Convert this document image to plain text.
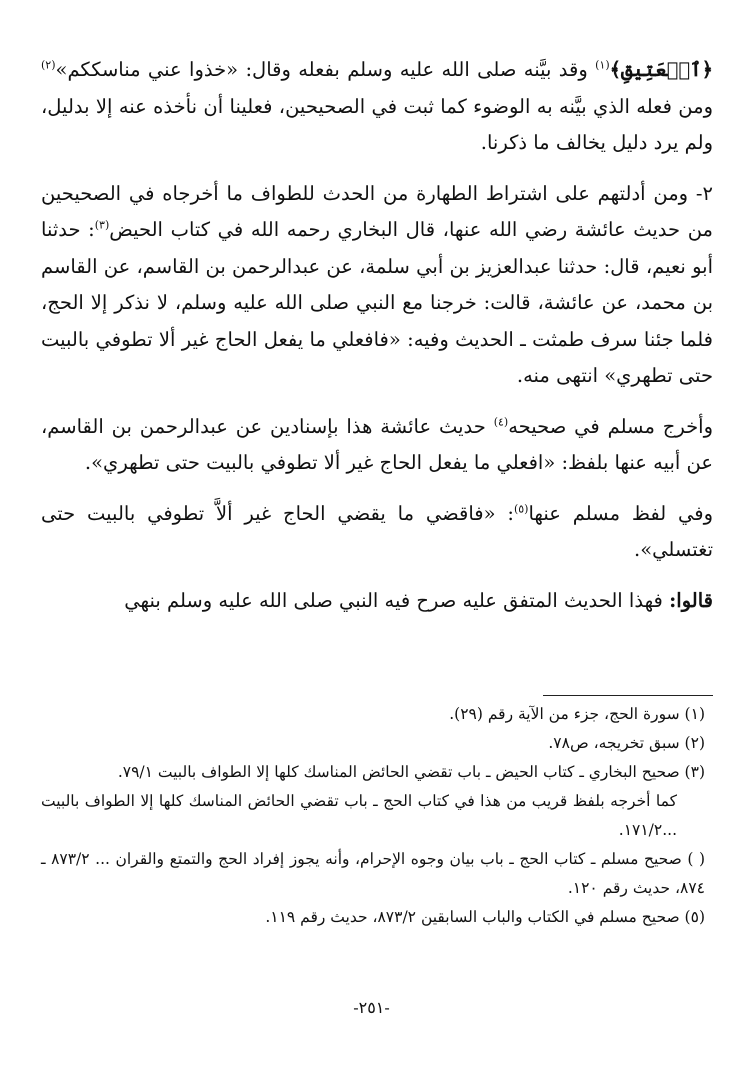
﴿ٱلۡعَتِيقِ﴾$^{(١)}$ وقد بيَّنه صلى الله عليه وسلم بفعله وقال: «خذوا عني مناسككم»$^{(٢)}$ ومن فعله الذي بيَّنه به الوضوء كما ثبت في الصحيحين، فعلينا أن نأخذه عنه إلا بدليل، ولم يرد دليل يخالف ما ذكرنا.

٢- ومن أدلتهم على اشتراط الطهارة من الحدث للطواف ما أخرجاه في الصحيحين من حديث عائشة رضي الله عنها، قال البخاري رحمه الله في كتاب الحيض$^{(٣)}$: حدثنا أبو نعيم، قال: حدثنا عبدالعزيز بن أبي سلمة، عن عبدالرحمن بن القاسم، عن القاسم بن محمد، عن عائشة، قالت: خرجنا مع النبي صلى الله عليه وسلم، لا نذكر إلا الحج، فلما جئنا سرف طمثت ـ الحديث وفيه: «فافعلي ما يفعل الحاج غير ألا تطوفي بالبيت حتى تطهري» انتهى منه.

وأخرج مسلم في صحيحه$^{(٤)}$ حديث عائشة هذا بإسنادين عن عبدالرحمن بن القاسم، عن أبيه عنها بلفظ: «افعلي ما يفعل الحاج غير ألا تطوفي بالبيت حتى تطهري».

وفي لفظ مسلم عنها$^{(٥)}$: «فاقضي ما يقضي الحاج غير ألاَّ تطوفي بالبيت حتى تغتسلي».

قالوا: فهذا الحديث المتفق عليه صرح فيه النبي صلى الله عليه وسلم بنهي

(١) سورة الحج، جزء من الآية رقم (٢٩).

(٢) سبق تخريجه، ص٧٨.

(٣) صحيح البخاري ـ كتاب الحيض ـ باب تقضي الحائض المناسك كلها إلا الطواف بالبيت ٧٩/١.

كما أخرجه بلفظ قريب من هذا في كتاب الحج ـ باب تقضي الحائض المناسك كلها إلا الطواف بالبيت ...١٧١/٢.

( ) صحيح مسلم ـ كتاب الحج ـ باب بيان وجوه الإحرام، وأنه يجوز إفراد الحج والتمتع والقران ... ٨٧٣/٢ ـ ٨٧٤، حديث رقم ١٢٠.

(٥) صحيح مسلم في الكتاب والباب السابقين ٨٧٣/٢، حديث رقم ١١٩.

-٢٥١-
